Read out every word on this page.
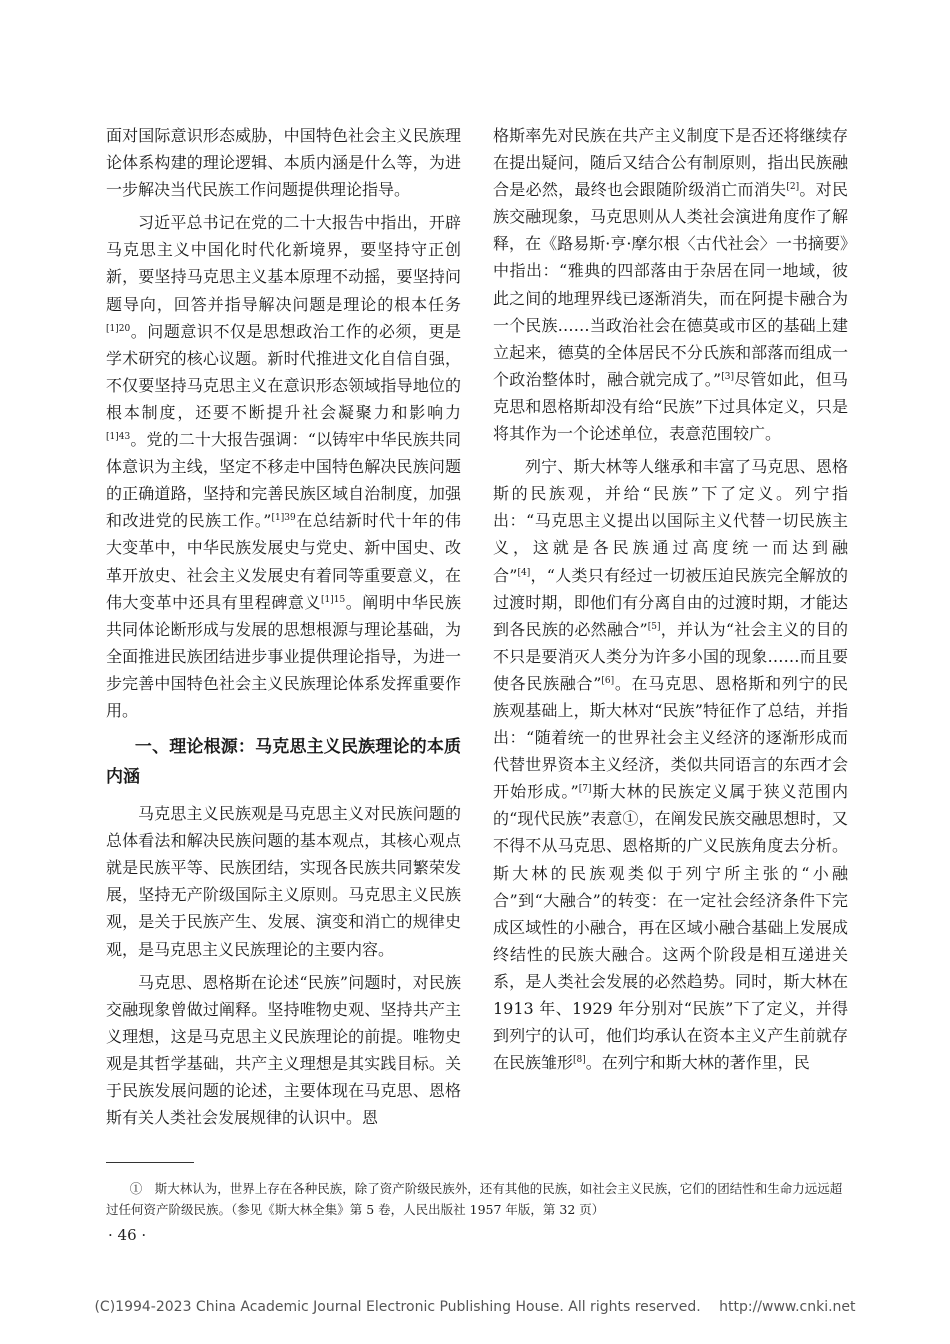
面对国际意识形态威胁，中国特色社会主义民族理论体系构建的理论逻辑、本质内涵是什么等，为进一步解决当代民族工作问题提供理论指导。

习近平总书记在党的二十大报告中指出，开辟马克思主义中国化时代化新境界，要坚持守正创新，要坚持马克思主义基本原理不动摇，要坚持问题导向，回答并指导解决问题是理论的根本任务$^{[1]20}$。问题意识不仅是思想政治工作的必须，更是学术研究的核心议题。新时代推进文化自信自强，不仅要坚持马克思主义在意识形态领域指导地位的根本制度，还要不断提升社会凝聚力和影响力$^{[1]43}$。党的二十大报告强调：“以铸牢中华民族共同体意识为主线，坚定不移走中国特色解决民族问题的正确道路，坚持和完善民族区域自治制度，加强和改进党的民族工作。”$^{[1]39}$在总结新时代十年的伟大变革中，中华民族发展史与党史、新中国史、改革开放史、社会主义发展史有着同等重要意义，在伟大变革中还具有里程碑意义$^{[1]15}$。阐明中华民族共同体论断形成与发展的思想根源与理论基础，为全面推进民族团结进步事业提供理论指导，为进一步完善中国特色社会主义民族理论体系发挥重要作用。

一、理论根源：马克思主义民族理论的本质内涵

马克思主义民族观是马克思主义对民族问题的总体看法和解决民族问题的基本观点，其核心观点就是民族平等、民族团结，实现各民族共同繁荣发展，坚持无产阶级国际主义原则。马克思主义民族观，是关于民族产生、发展、演变和消亡的规律史观，是马克思主义民族理论的主要内容。

马克思、恩格斯在论述“民族”问题时，对民族交融现象曾做过阐释。坚持唯物史观、坚持共产主义理想，这是马克思主义民族理论的前提。唯物史观是其哲学基础，共产主义理想是其实践目标。关于民族发展问题的论述，主要体现在马克思、恩格斯有关人类社会发展规律的认识中。恩

格斯率先对民族在共产主义制度下是否还将继续存在提出疑问，随后又结合公有制原则，指出民族融合是必然，最终也会跟随阶级消亡而消失[2]。对民族交融现象，马克思则从人类社会演进角度作了解释，在《路易斯·亨·摩尔根〈古代社会〉一书摘要》中指出：“雅典的四部落由于杂居在同一地域，彼此之间的地理界线已逐渐消失，而在阿提卡融合为一个民族……当政治社会在德莫或市区的基础上建立起来，德莫的全体居民不分氏族和部落而组成一个政治整体时，融合就完成了。”[3]尽管如此，但马克思和恩格斯却没有给“民族”下过具体定义，只是将其作为一个论述单位，表意范围较广。

列宁、斯大林等人继承和丰富了马克思、恩格斯的民族观，并给“民族”下了定义。列宁指出：“马克思主义提出以国际主义代替一切民族主义，这就是各民族通过高度统一而达到融合”[4]，“人类只有经过一切被压迫民族完全解放的过渡时期，即他们有分离自由的过渡时期，才能达到各民族的必然融合”[5]，并认为“社会主义的目的不只是要消灭人类分为许多小国的现象……而且要使各民族融合”[6]。在马克思、恩格斯和列宁的民族观基础上，斯大林对“民族”特征作了总结，并指出：“随着统一的世界社会主义经济的逐渐形成而代替世界资本主义经济，类似共同语言的东西才会开始形成。”[7]斯大林的民族定义属于狭义范围内的“现代民族”表意①，在阐发民族交融思想时，又不得不从马克思、恩格斯的广义民族角度去分析。斯大林的民族观类似于列宁所主张的“小融合”到“大融合”的转变：在一定社会经济条件下完成区域性的小融合，再在区域小融合基础上发展成终结性的民族大融合。这两个阶段是相互递进关系，是人类社会发展的必然趋势。同时，斯大林在 1913 年、1929 年分别对“民族”下了定义，并得到列宁的认可，他们均承认在资本主义产生前就存在民族雏形[8]。在列宁和斯大林的著作里，民

①　斯大林认为，世界上存在各种民族，除了资产阶级民族外，还有其他的民族，如社会主义民族，它们的团结性和生命力远远超过任何资产阶级民族。（参见《斯大林全集》第 5 卷，人民出版社 1957 年版，第 32 页）
· 46 ·
(C)1994-2023 China Academic Journal Electronic Publishing House. All rights reserved.　 http://www.cnki.net
